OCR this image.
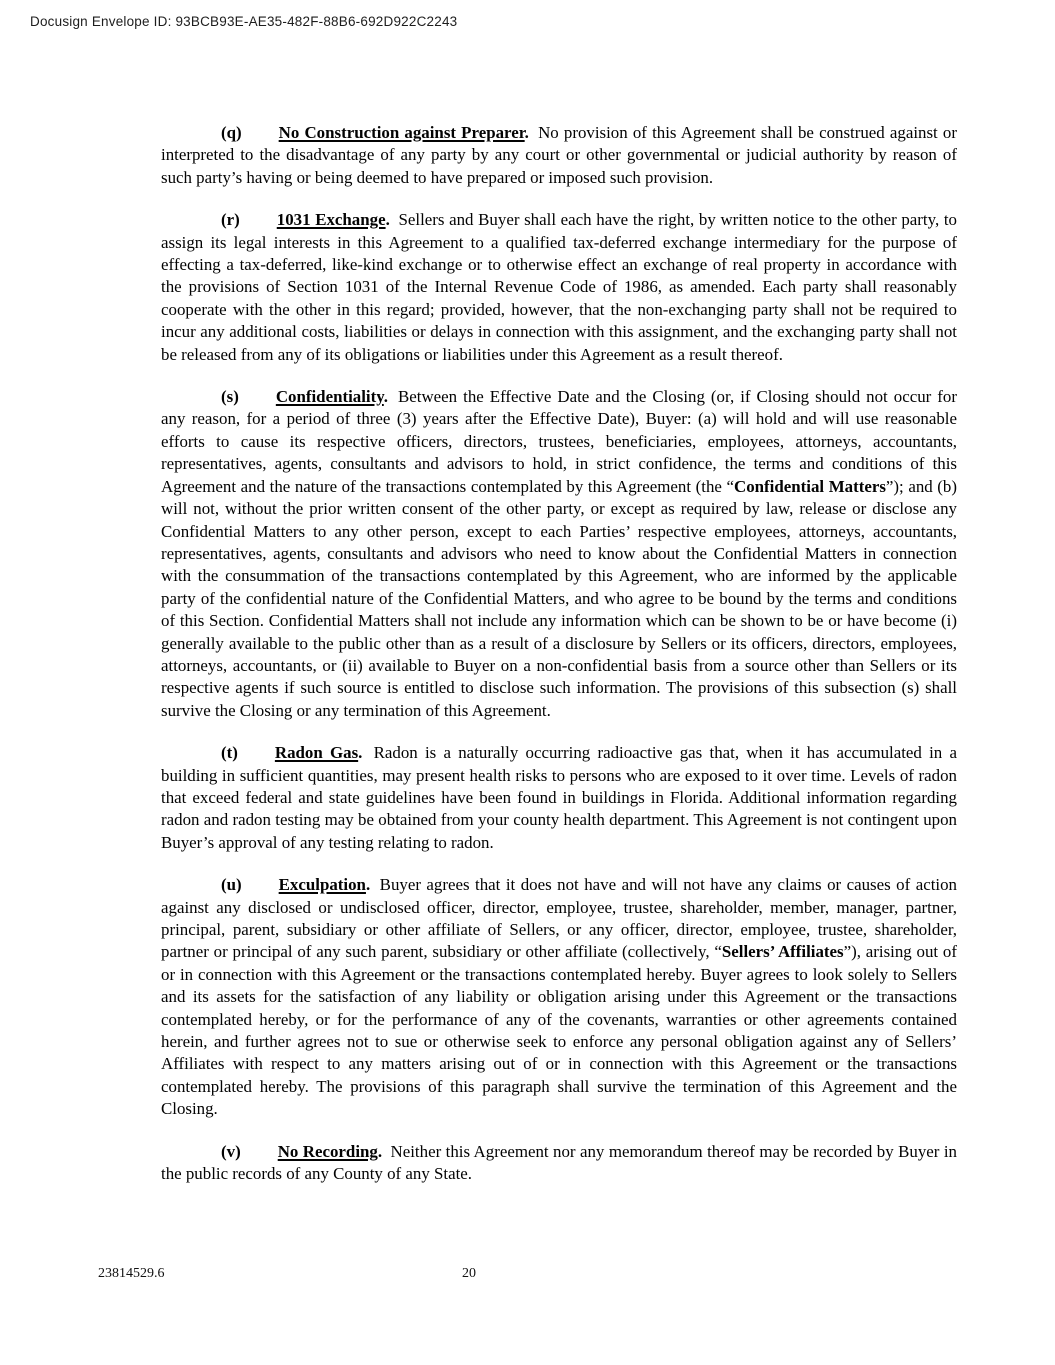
Docusign Envelope ID: 93BCB93E-AE35-482F-88B6-692D922C2243

(q) No Construction against Preparer. No provision of this Agreement shall be construed against or interpreted to the disadvantage of any party by any court or other governmental or judicial authority by reason of such party’s having or being deemed to have prepared or imposed such provision.

(r) 1031 Exchange. Sellers and Buyer shall each have the right, by written notice to the other party, to assign its legal interests in this Agreement to a qualified tax-deferred exchange intermediary for the purpose of effecting a tax-deferred, like-kind exchange or to otherwise effect an exchange of real property in accordance with the provisions of Section 1031 of the Internal Revenue Code of 1986, as amended. Each party shall reasonably cooperate with the other in this regard; provided, however, that the non-exchanging party shall not be required to incur any additional costs, liabilities or delays in connection with this assignment, and the exchanging party shall not be released from any of its obligations or liabilities under this Agreement as a result thereof.

(s) Confidentiality. Between the Effective Date and the Closing (or, if Closing should not occur for any reason, for a period of three (3) years after the Effective Date), Buyer: (a) will hold and will use reasonable efforts to cause its respective officers, directors, trustees, beneficiaries, employees, attorneys, accountants, representatives, agents, consultants and advisors to hold, in strict confidence, the terms and conditions of this Agreement and the nature of the transactions contemplated by this Agreement (the “Confidential Matters”); and (b) will not, without the prior written consent of the other party, or except as required by law, release or disclose any Confidential Matters to any other person, except to each Parties’ respective employees, attorneys, accountants, representatives, agents, consultants and advisors who need to know about the Confidential Matters in connection with the consummation of the transactions contemplated by this Agreement, who are informed by the applicable party of the confidential nature of the Confidential Matters, and who agree to be bound by the terms and conditions of this Section. Confidential Matters shall not include any information which can be shown to be or have become (i) generally available to the public other than as a result of a disclosure by Sellers or its officers, directors, employees, attorneys, accountants, or (ii) available to Buyer on a non-confidential basis from a source other than Sellers or its respective agents if such source is entitled to disclose such information. The provisions of this subsection (s) shall survive the Closing or any termination of this Agreement.

(t) Radon Gas. Radon is a naturally occurring radioactive gas that, when it has accumulated in a building in sufficient quantities, may present health risks to persons who are exposed to it over time. Levels of radon that exceed federal and state guidelines have been found in buildings in Florida. Additional information regarding radon and radon testing may be obtained from your county health department. This Agreement is not contingent upon Buyer’s approval of any testing relating to radon.

(u) Exculpation. Buyer agrees that it does not have and will not have any claims or causes of action against any disclosed or undisclosed officer, director, employee, trustee, shareholder, member, manager, partner, principal, parent, subsidiary or other affiliate of Sellers, or any officer, director, employee, trustee, shareholder, partner or principal of any such parent, subsidiary or other affiliate (collectively, “Sellers’ Affiliates”), arising out of or in connection with this Agreement or the transactions contemplated hereby. Buyer agrees to look solely to Sellers and its assets for the satisfaction of any liability or obligation arising under this Agreement or the transactions contemplated hereby, or for the performance of any of the covenants, warranties or other agreements contained herein, and further agrees not to sue or otherwise seek to enforce any personal obligation against any of Sellers’ Affiliates with respect to any matters arising out of or in connection with this Agreement or the transactions contemplated hereby. The provisions of this paragraph shall survive the termination of this Agreement and the Closing.

(v) No Recording. Neither this Agreement nor any memorandum thereof may be recorded by Buyer in the public records of any County of any State.

23814529.6	20
